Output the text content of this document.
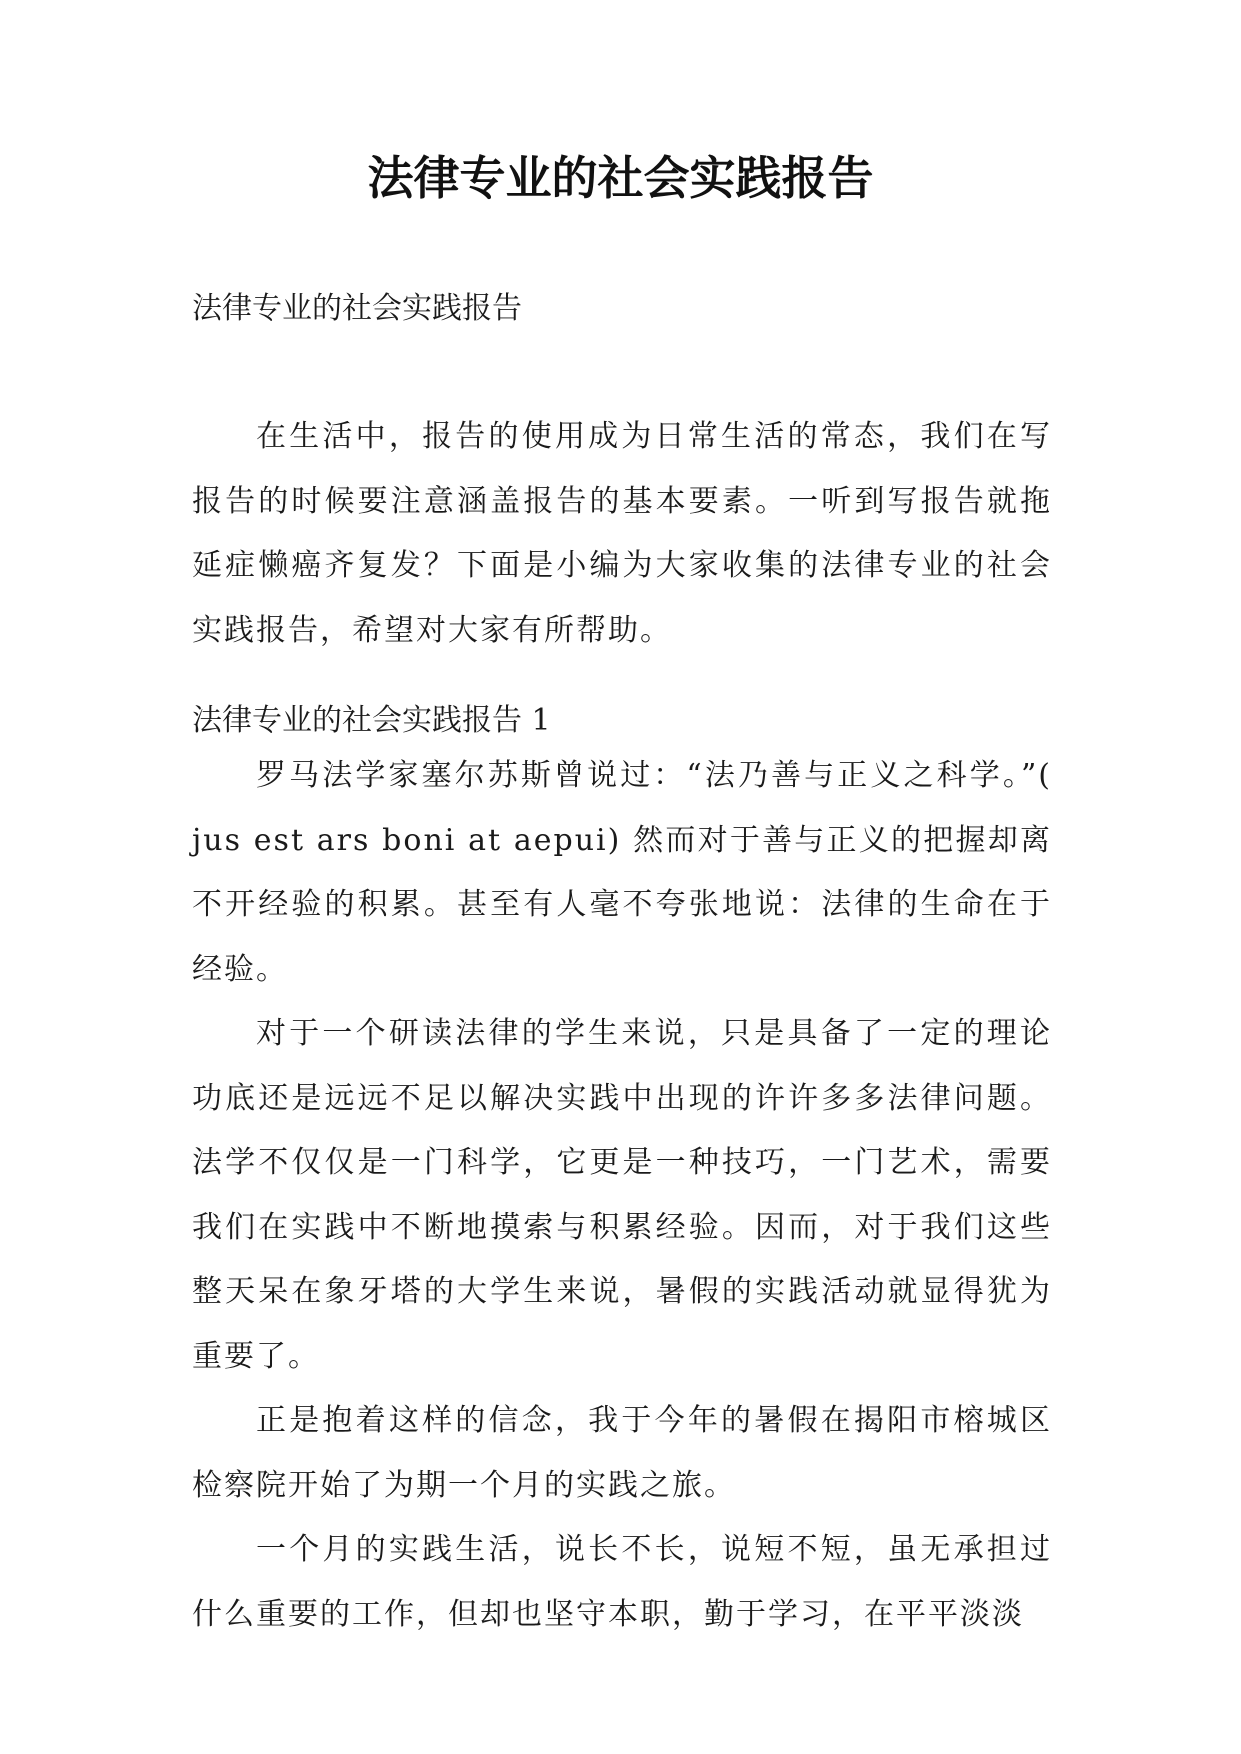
法律专业的社会实践报告
法律专业的社会实践报告

在生活中，报告的使用成为日常生活的常态，我们在写报告的时候要注意涵盖报告的基本要素。一听到写报告就拖延症懒癌齐复发？下面是小编为大家收集的法律专业的社会实践报告，希望对大家有所帮助。

法律专业的社会实践报告 1

罗马法学家塞尔苏斯曾说过：“法乃善与正义之科学。”( jus est ars boni at aepui) 然而对于善与正义的把握却离不开经验的积累。甚至有人毫不夸张地说：法律的生命在于经验。

对于一个研读法律的学生来说，只是具备了一定的理论功底还是远远不足以解决实践中出现的许许多多法律问题。法学不仅仅是一门科学，它更是一种技巧，一门艺术，需要我们在实践中不断地摸索与积累经验。因而，对于我们这些整天呆在象牙塔的大学生来说，暑假的实践活动就显得犹为重要了。

正是抱着这样的信念，我于今年的暑假在揭阳市榕城区检察院开始了为期一个月的实践之旅。

一个月的实践生活，说长不长，说短不短，虽无承担过什么重要的工作，但却也坚守本职，勤于学习，在平平淡淡
